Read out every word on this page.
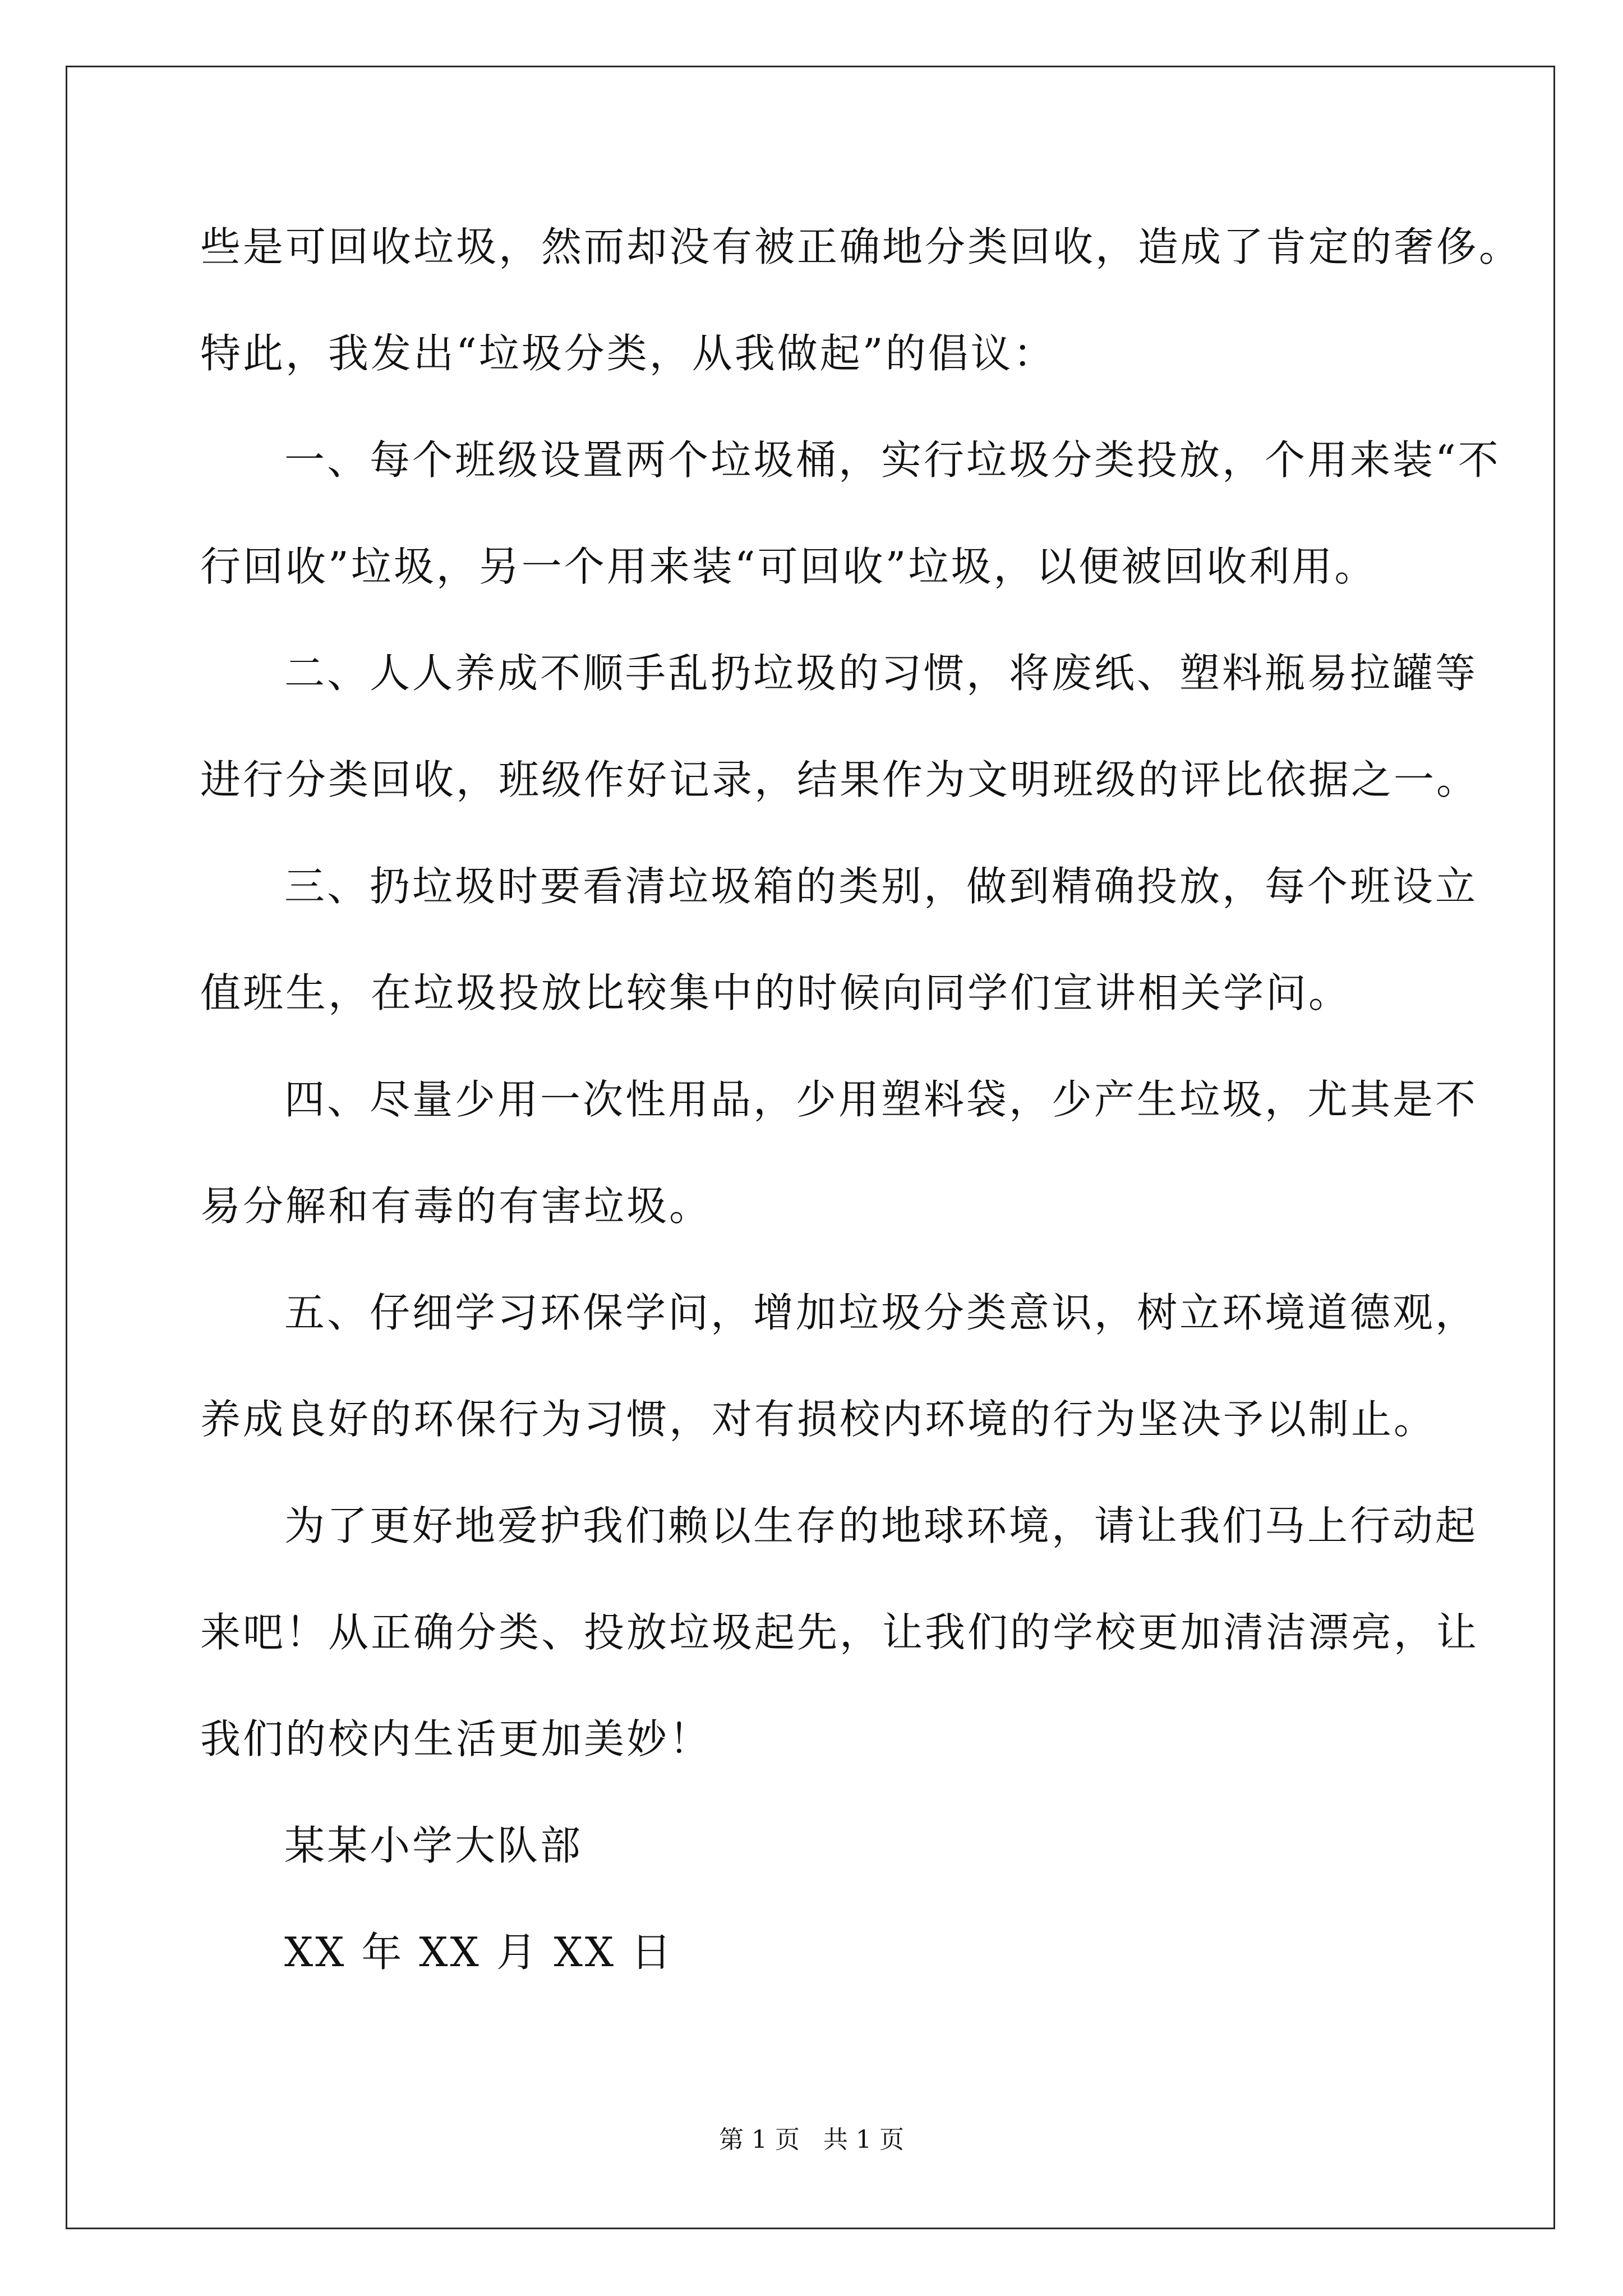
些是可回收垃圾，然而却没有被正确地分类回收，造成了肯定的奢侈。
特此，我发出“垃圾分类，从我做起”的倡议：
一、每个班级设置两个垃圾桶，实行垃圾分类投放，个用来装“不
行回收”垃圾，另一个用来装“可回收”垃圾，以便被回收利用。
二、人人养成不顺手乱扔垃圾的习惯，将废纸、塑料瓶易拉罐等
进行分类回收，班级作好记录，结果作为文明班级的评比依据之一。
三、扔垃圾时要看清垃圾箱的类别，做到精确投放，每个班设立
值班生，在垃圾投放比较集中的时候向同学们宣讲相关学问。
四、尽量少用一次性用品，少用塑料袋，少产生垃圾，尤其是不
易分解和有毒的有害垃圾。
五、仔细学习环保学问，增加垃圾分类意识，树立环境道德观，
养成良好的环保行为习惯，对有损校内环境的行为坚决予以制止。
为了更好地爱护我们赖以生存的地球环境，请让我们马上行动起
来吧！从正确分类、投放垃圾起先，让我们的学校更加清洁漂亮，让
我们的校内生活更加美妙！
某某小学大队部
XX 年 XX 月 XX 日
第 1 页   共 1 页
